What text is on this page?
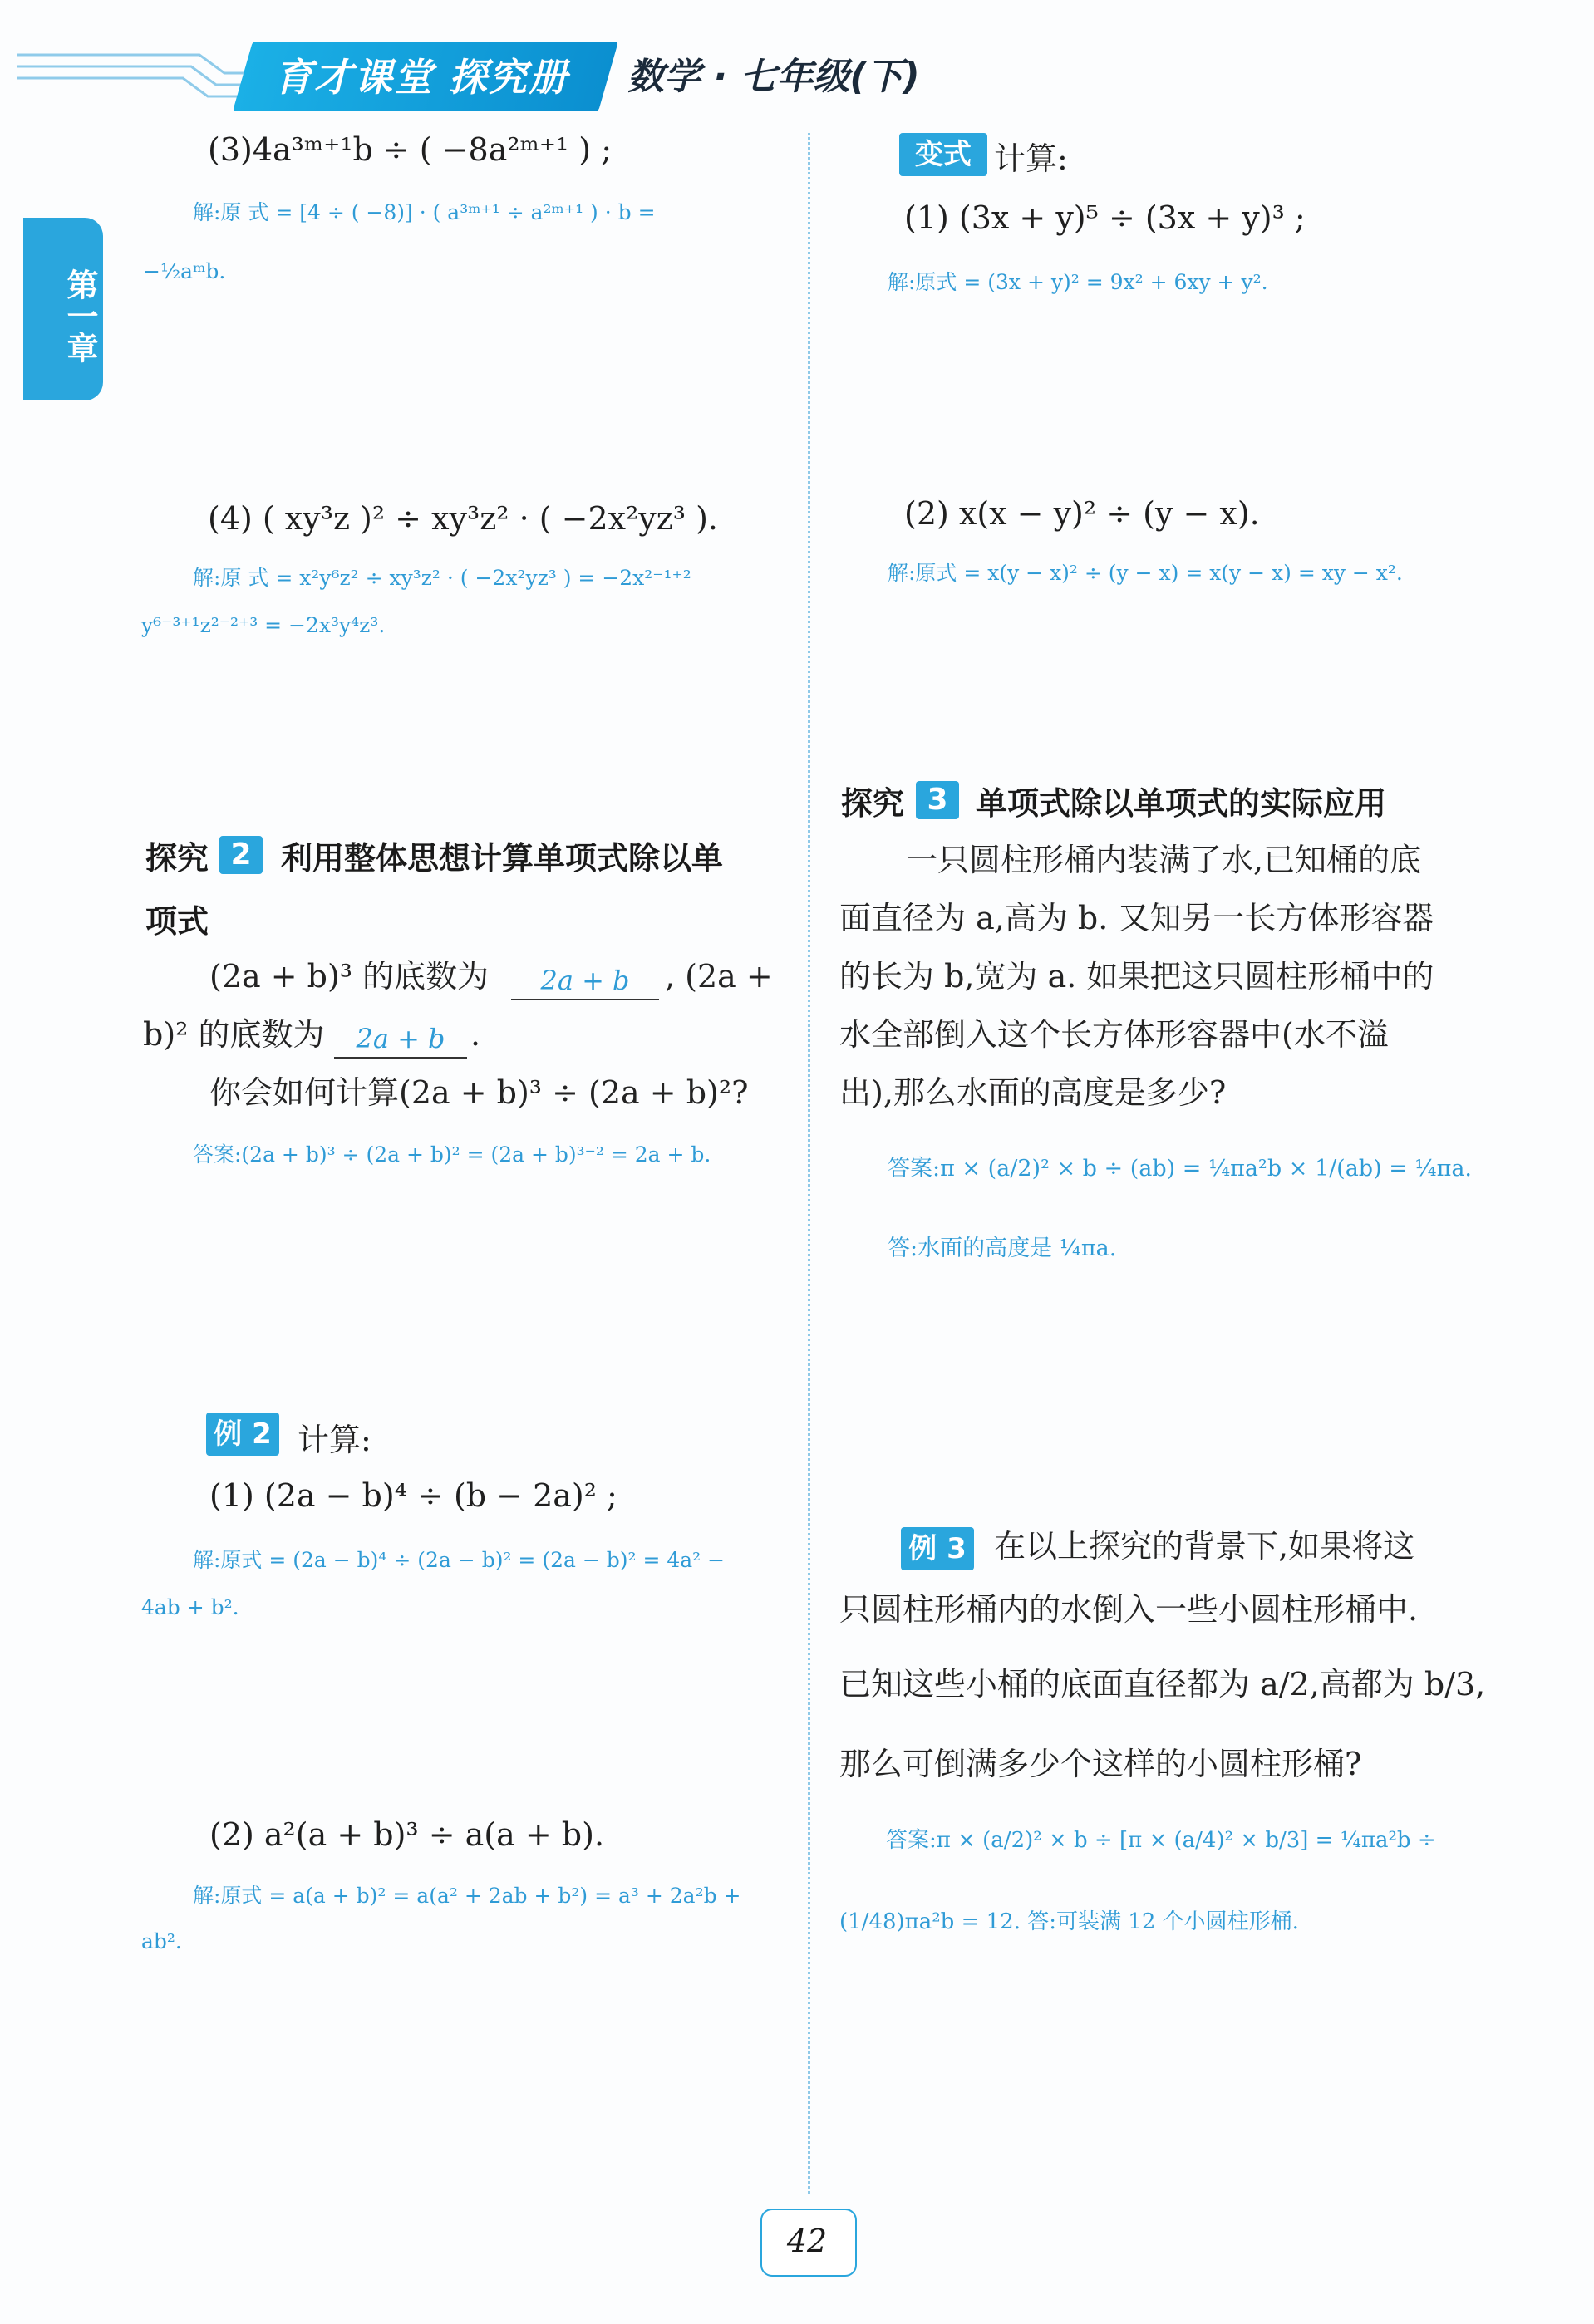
育才课堂 探究册	数学 · 七年级(下)
第一章
(3)4a³ᵐ⁺¹b ÷ ( −8a²ᵐ⁺¹ ) ;
解:原 式 = [4 ÷ ( −8)] · ( a³ᵐ⁺¹ ÷ a²ᵐ⁺¹ ) · b =
−½aᵐb.
(4) ( xy³z )² ÷ xy³z² · ( −2x²yz³ ).
解:原 式 = x²y⁶z² ÷ xy³z² · ( −2x²yz³ ) = −2x²⁻¹⁺²
y⁶⁻³⁺¹z²⁻²⁺³ = −2x³y⁴z³.
探究 2 利用整体思想计算单项式除以单
项式
(2a + b)³ 的底数为	2a + b	, (2a +
b)² 的底数为	2a + b .
你会如何计算(2a + b)³ ÷ (2a + b)²?
答案:(2a + b)³ ÷ (2a + b)² = (2a + b)³⁻² = 2a + b.
例 2 计算:
(1) (2a − b)⁴ ÷ (b − 2a)² ;
解:原式 = (2a − b)⁴ ÷ (2a − b)² = (2a − b)² = 4a² −
4ab + b².
(2) a²(a + b)³ ÷ a(a + b).
解:原式 = a(a + b)² = a(a² + 2ab + b²) = a³ + 2a²b +
ab².
变式 计算:
(1) (3x + y)⁵ ÷ (3x + y)³ ;
解:原式 = (3x + y)² = 9x² + 6xy + y².
(2) x(x − y)² ÷ (y − x).
解:原式 = x(y − x)² ÷ (y − x) = x(y − x) = xy − x².
探究 3 单项式除以单项式的实际应用
一只圆柱形桶内装满了水,已知桶的底
面直径为 a,高为 b. 又知另一长方体形容器
的长为 b,宽为 a. 如果把这只圆柱形桶中的
水全部倒入这个长方体形容器中(水不溢
出),那么水面的高度是多少?
答案:π × (a/2)² × b ÷ (ab) = ¼πa²b × 1/(ab) = ¼πa.
答:水面的高度是 ¼πa.
例 3 在以上探究的背景下,如果将这
只圆柱形桶内的水倒入一些小圆柱形桶中.
已知这些小桶的底面直径都为 a/2,高都为 b/3,
那么可倒满多少个这样的小圆柱形桶?
答案:π × (a/2)² × b ÷ [π × (a/4)² × b/3] = ¼πa²b ÷
(1/48)πa²b = 12. 答:可装满 12 个小圆柱形桶.
42
